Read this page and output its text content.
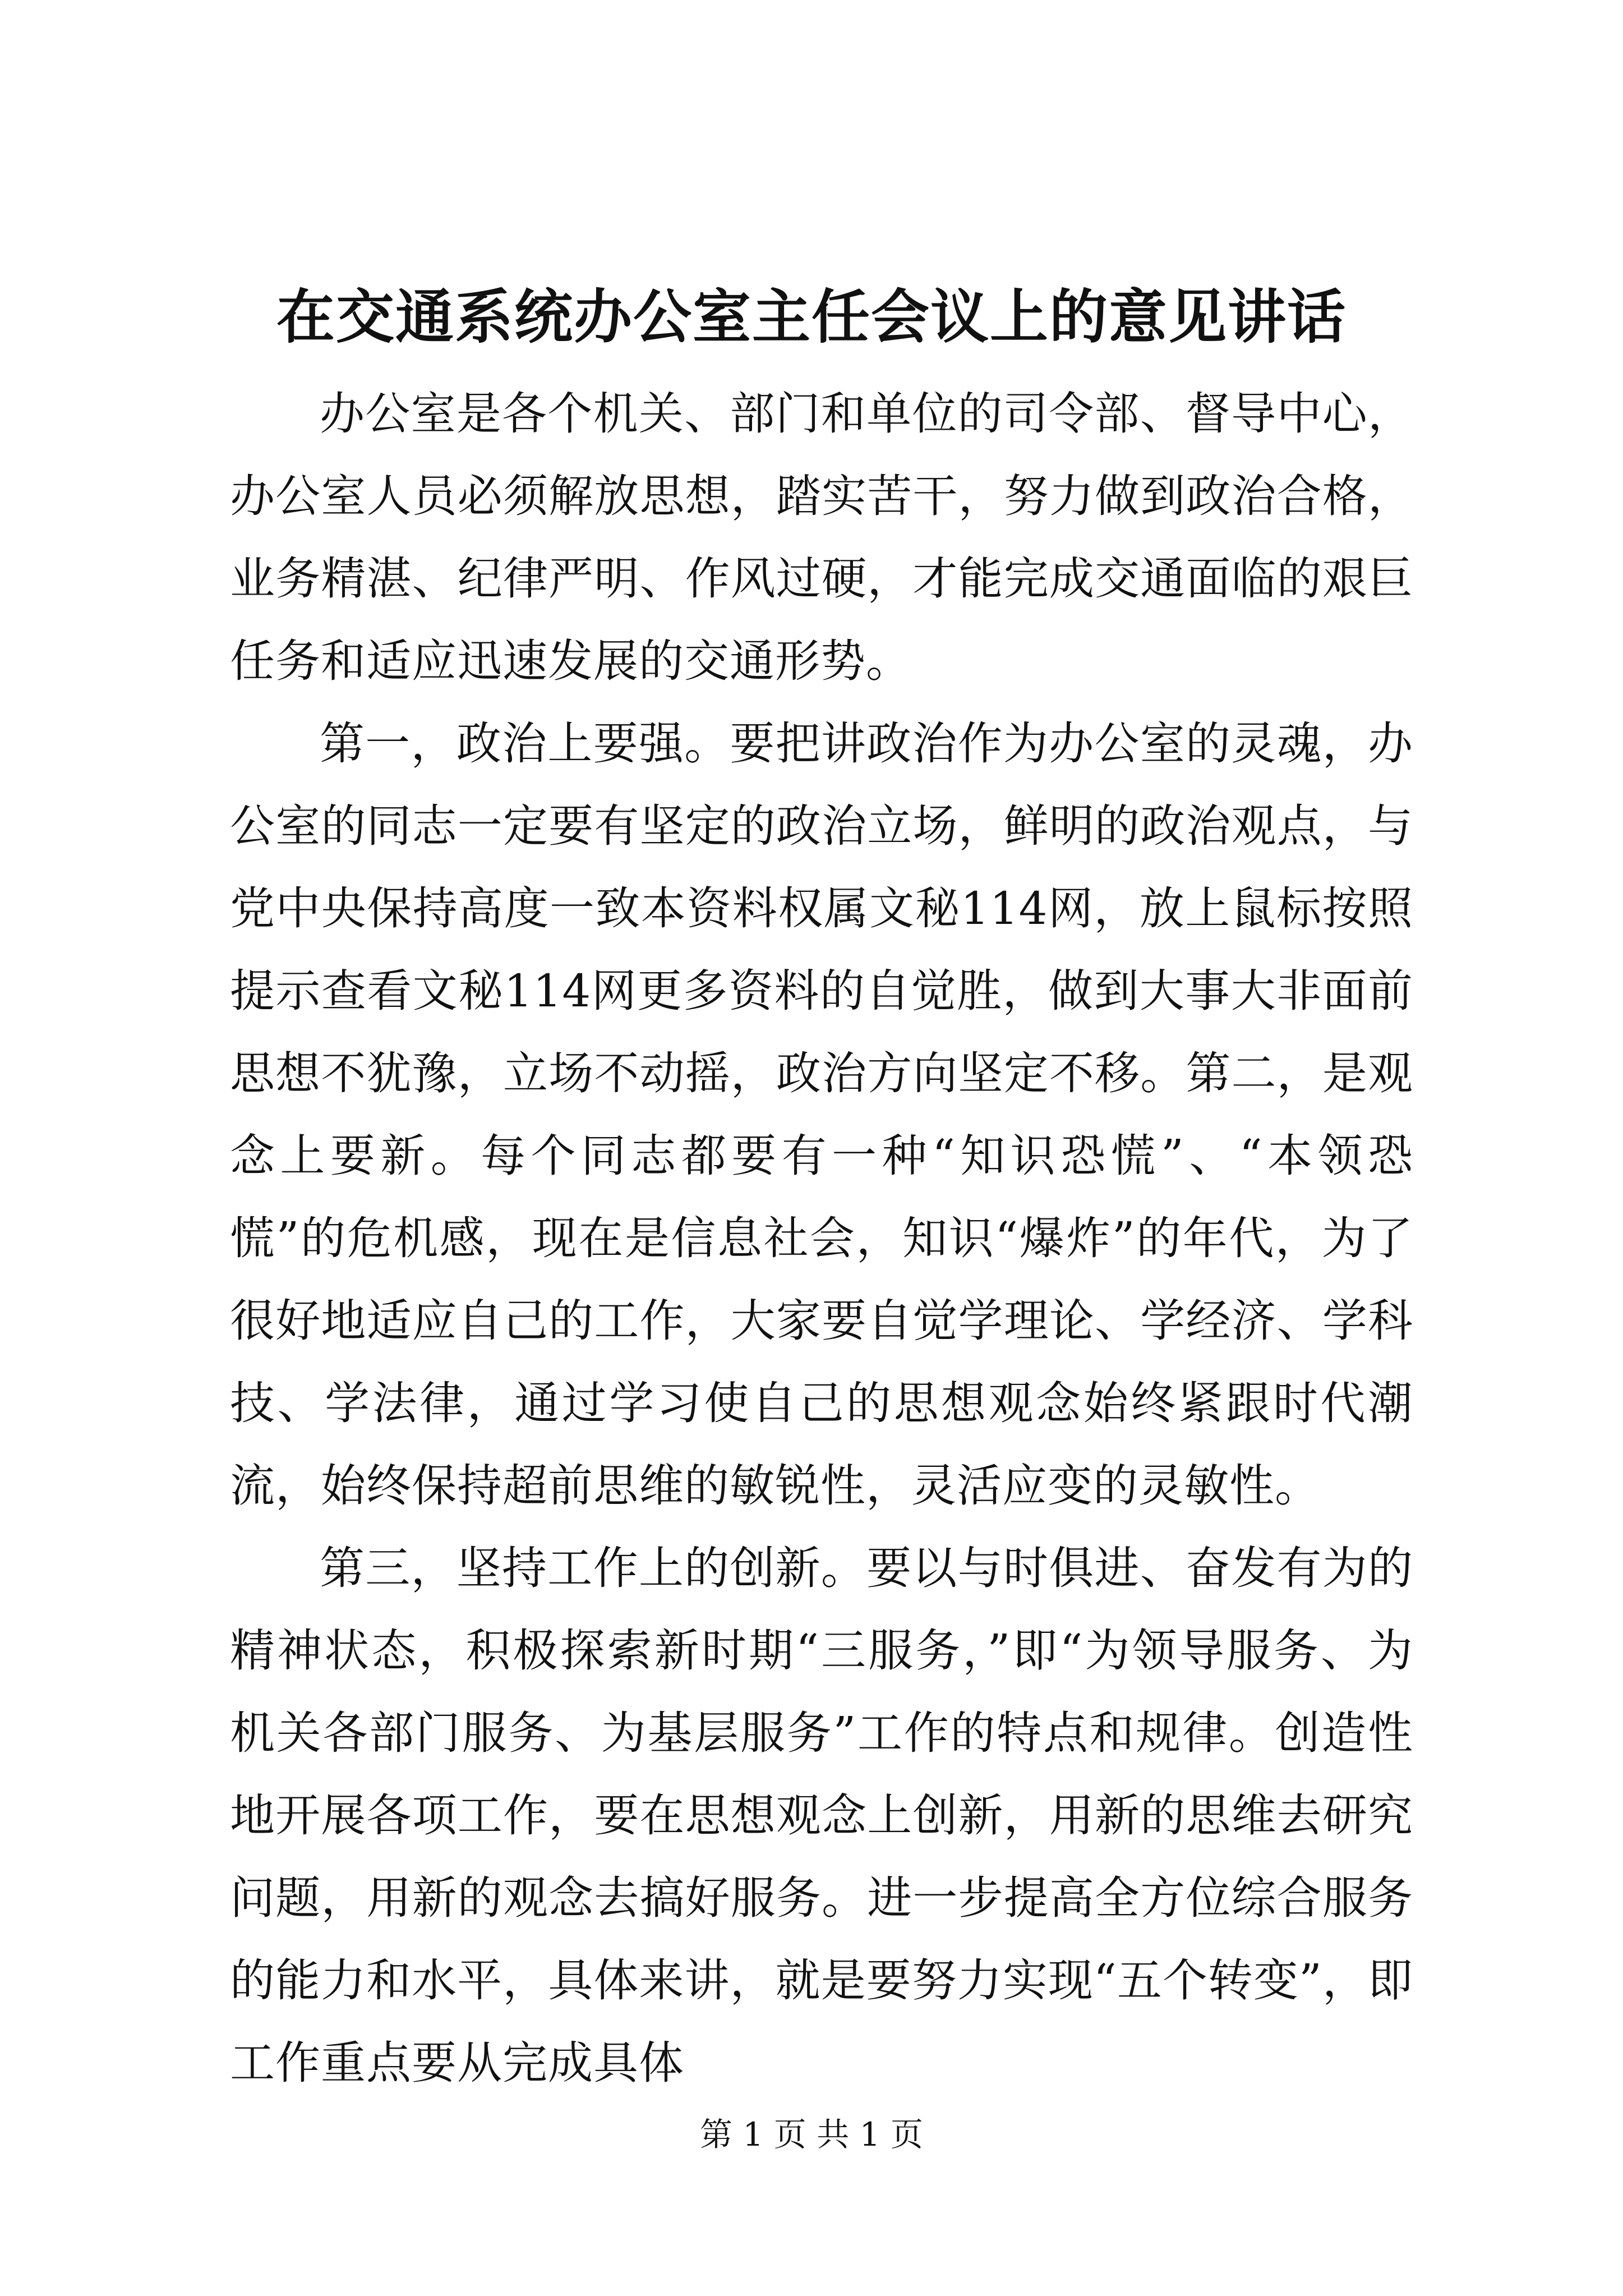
在交通系统办公室主任会议上的意见讲话

办公室是各个机关、部门和单位的司令部、督导中心，办公室人员必须解放思想，踏实苦干，努力做到政治合格，业务精湛、纪律严明、作风过硬，才能完成交通面临的艰巨任务和适应迅速发展的交通形势。

第一，政治上要强。要把讲政治作为办公室的灵魂，办公室的同志一定要有坚定的政治立场，鲜明的政治观点，与党中央保持高度一致本资料权属文秘114网，放上鼠标按照提示查看文秘114网更多资料的自觉胜，做到大事大非面前思想不犹豫，立场不动摇，政治方向坚定不移。第二，是观念上要新。每个同志都要有一种“知识恐慌”、“本领恐慌”的危机感，现在是信息社会，知识“爆炸”的年代，为了很好地适应自己的工作，大家要自觉学理论、学经济、学科技、学法律，通过学习使自己的思想观念始终紧跟时代潮流，始终保持超前思维的敏锐性，灵活应变的灵敏性。

第三，坚持工作上的创新。要以与时俱进、奋发有为的精神状态，积极探索新时期“三服务，”即“为领导服务、为机关各部门服务、为基层服务”工作的特点和规律。创造性地开展各项工作，要在思想观念上创新，用新的思维去研究问题，用新的观念去搞好服务。进一步提高全方位综合服务的能力和水平，具体来讲，就是要努力实现“五个转变”，即工作重点要从完成具体

第 1 页 共 1 页
